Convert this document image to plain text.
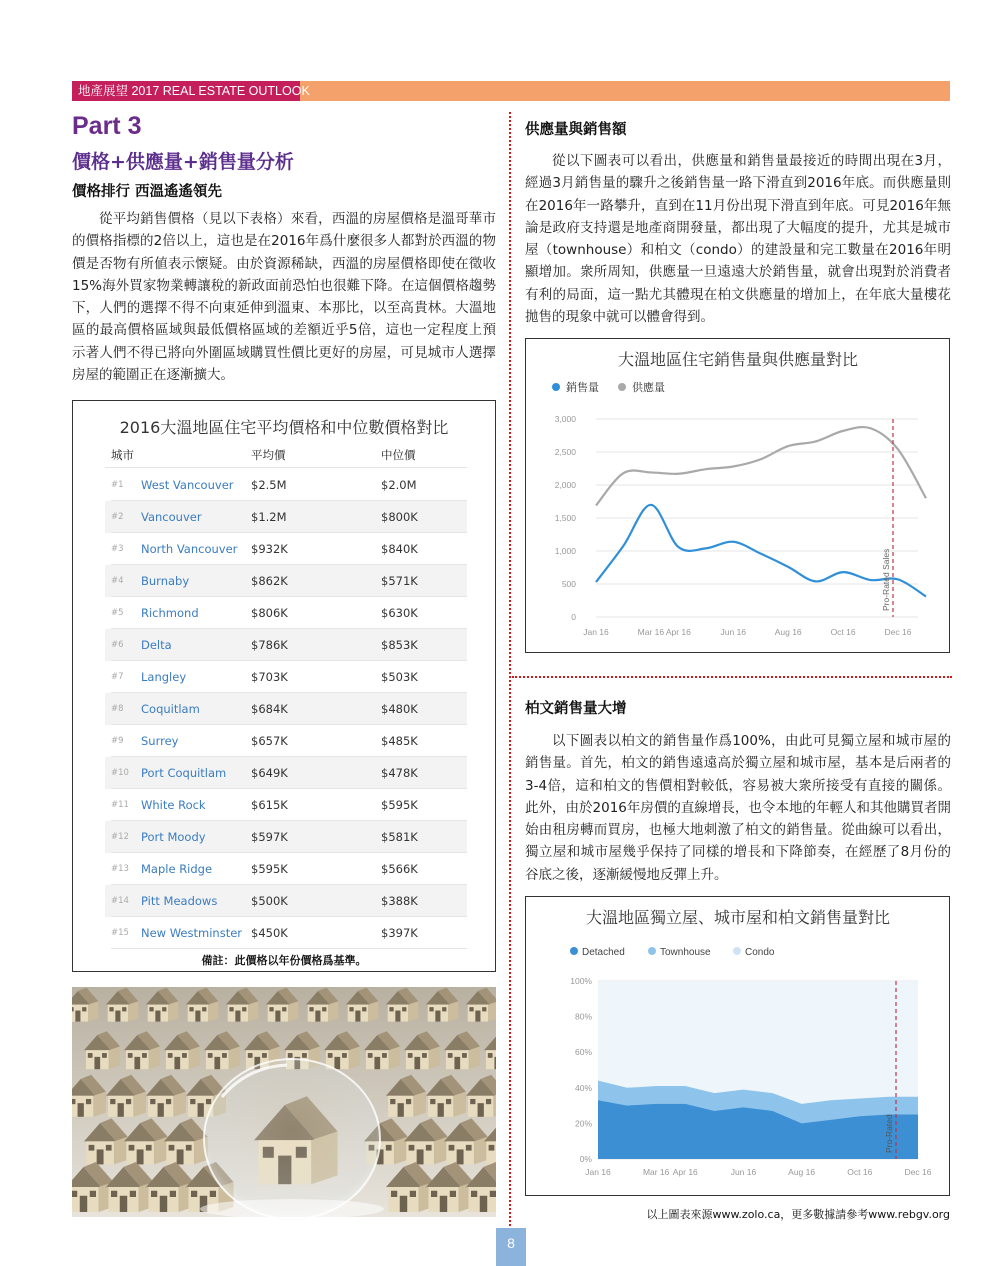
地產展望 2017 REAL ESTATE OUTLOOK
Part 3
價格+供應量+銷售量分析
價格排行 西溫遙遙領先

從平均銷售價格（見以下表格）來看，西溫的房屋價格是溫哥華市的價格指標的2倍以上，這也是在2016年爲什麼很多人都對於西溫的物價是否物有所値表示懷疑。由於資源稀缺，西溫的房屋價格即使在徵收15%海外買家物業轉讓稅的新政面前恐怕也很難下降。在這個價格趨勢下，人們的選擇不得不向東延伸到溫東、本那比，以至高貴林。大溫地區的最高價格區域與最低價格區域的差額近乎5倍，這也一定程度上預示著人們不得已將向外圍區域購買性價比更好的房屋，可見城市人選擇房屋的範圍正在逐漸擴大。

2016大溫地區住宅平均價格和中位數價格對比
城市	平均價	中位價
#1 West Vancouver $2.5M	$2.0M
#2 Vancouver	$1.2M	$800K
#3 North Vancouver $932K	$840K
#4 Burnaby	$862K	$571K
#5 Richmond	$806K	$630K
#6 Delta	$786K	$853K
#7 Langley	$703K	$503K
#8 Coquitlam	$684K	$480K
#9 Surrey	$657K	$485K
#10 Port Coquitlam $649K	$478K
#11 White Rock	$615K	$595K
#12 Port Moody	$597K	$581K
#13 Maple Ridge	$595K	$566K
#14 Pitt Meadows	$500K	$388K
#15 New Westminster $450K	$397K
備註：此價格以年份價格爲基準。
供應量與銷售額

從以下圖表可以看出，供應量和銷售量最接近的時間出現在3月，經過3月銷售量的驟升之後銷售量一路下滑直到2016年底。而供應量則在2016年一路攀升，直到在11月份出現下滑直到年底。可見2016年無論是政府支持還是地產商開發量，都出現了大幅度的提升，尤其是城市屋（townhouse）和柏文（condo）的建設量和完工數量在2016年明顯增加。衆所周知，供應量一旦遠遠大於銷售量，就會出現對於消費者有利的局面，這一點尤其體現在柏文供應量的增加上，在年底大量樓花拋售的現象中就可以體會得到。

大溫地區住宅銷售量與供應量對比
銷售量	供應量
3,000
2,500
2,000
1,500
1,000
500
0
Jan 16	Mar 16 Apr 16	Jun 16	Aug 16	Oct 16	Dec 16
Pro-Rated Sales
柏文銷售量大增

以下圖表以柏文的銷售量作爲100%，由此可見獨立屋和城市屋的銷售量。首先，柏文的銷售遠遠高於獨立屋和城市屋，基本是后兩者的3-4倍，這和柏文的售價相對較低，容易被大衆所接受有直接的關係。此外，由於2016年房價的直線增長，也令本地的年輕人和其他購買者開始由租房轉而買房，也極大地刺激了柏文的銷售量。從曲線可以看出，獨立屋和城市屋幾乎保持了同樣的增長和下降節奏，在經歷了8月份的谷底之後，逐漸緩慢地反彈上升。

大溫地區獨立屋、城市屋和柏文銷售量對比
Detached	Townhouse	Condo
100%
80%
60%
40%
20%
0%
Jan 16	Mar 16 Apr 16	Jun 16	Aug 16	Oct 16	Dec 16
Pro-Rated
以上圖表來源www.zolo.ca，更多數據請參考www.rebgv.org
8
